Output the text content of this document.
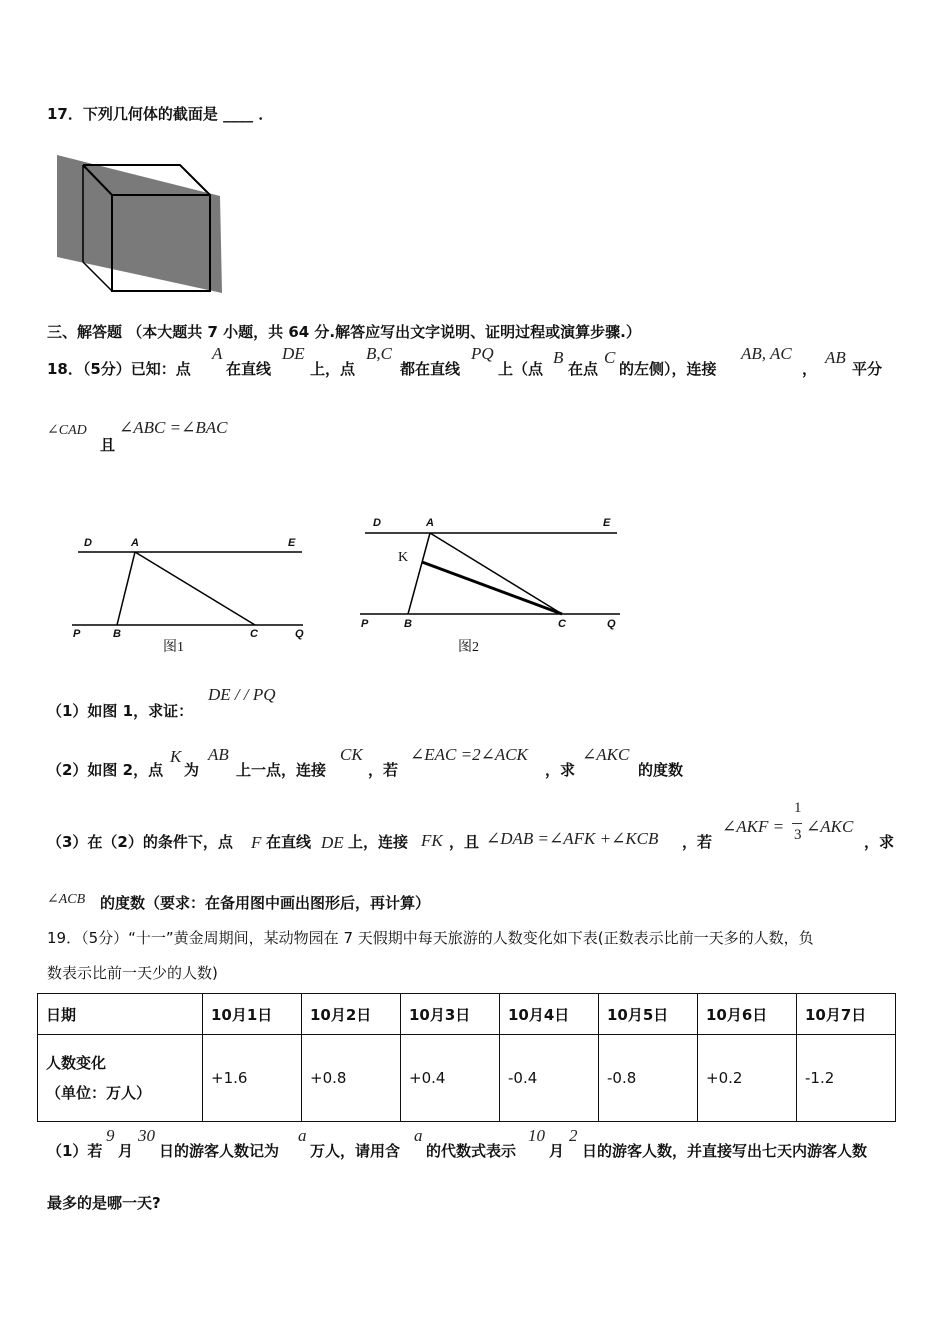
17．下列几何体的截面是 ____ ．
三、解答题 （本大题共 7 小题，共 64 分.解答应写出文字说明、证明过程或演算步骤.）
18．（5分）已知：点
A
在直线
DE
上，点
B,C
都在直线
PQ
上（点
B
在点
C
的左侧），连接
AB, AC
，
AB
平分
∠CAD
且
∠ABC =∠BAC
D	A	E
P	B	C	Q
图1
D	A	E
K
P	B	C	Q
图2
（1）如图 1，求证：
DE / / PQ
（2）如图 2，点
K
为
AB
上一点，连接
CK
，若
∠EAC =2∠ACK
，求
∠AKC
的度数
（3）在（2）的条件下，点 F 在直线 DE 上，连接 FK ，且 ∠DAB =∠AFK +∠KCB ，若
∠AKF =
1
3 ∠AKC
，求
∠ACB 的度数（要求：在备用图中画出图形后，再计算）
19．（5分）“十一”黄金周期间，某动物园在 7 天假期中每天旅游的人数变化如下表(正数表示比前一天多的人数，负
数表示比前一天少的人数)
日期	10月1日	10月2日	10月3日	10月4日	10月5日	10月6日	10月7日

人数变化
（单位：万人）	+1.6	+0.8	+0.4	-0.4	-0.8	+0.2	-1.2
（1）若
9
月
30
日的游客人数记为
a
万人，请用含
a
的代数式表示
10
月
2
日的游客人数，并直接写出七天内游客人数
最多的是哪一天?
